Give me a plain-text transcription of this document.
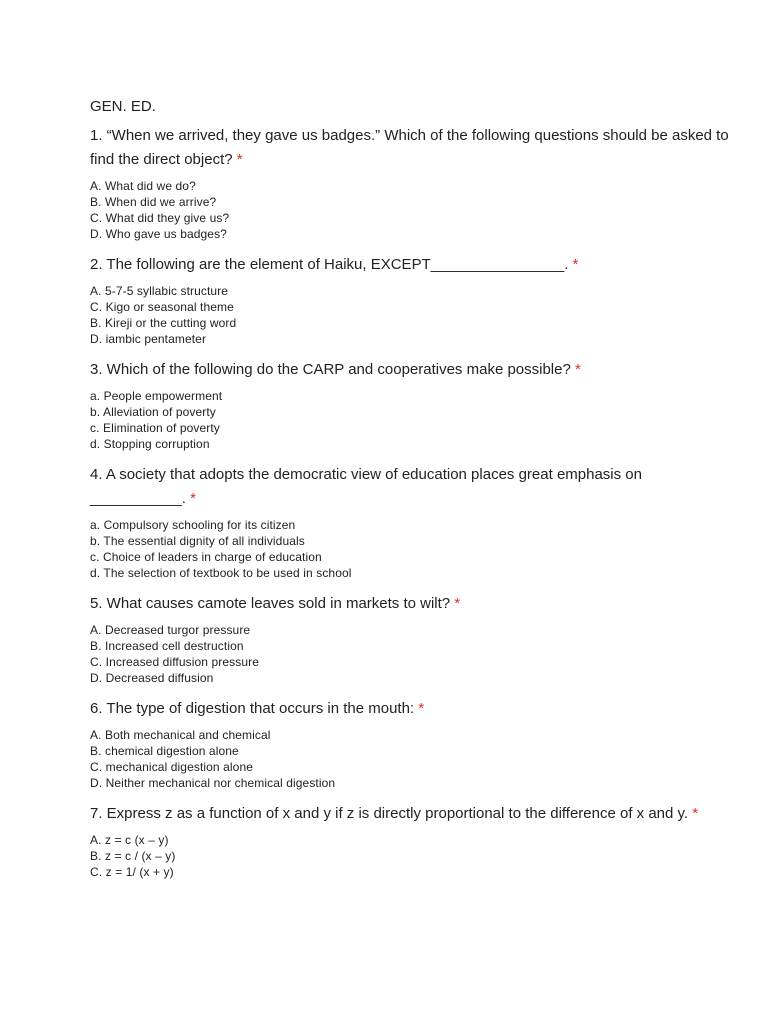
GEN. ED.

1. “When we arrived, they gave us badges.” Which of the following questions should be asked to find the direct object? *

A. What did we do?
B. When did we arrive?
C. What did they give us?
D. Who gave us badges?

2. The following are the element of Haiku, EXCEPT________________. *

A. 5-7-5 syllabic structure
C. Kigo or seasonal theme
B. Kireji or the cutting word
D. iambic pentameter

3. Which of the following do the CARP and cooperatives make possible? *

a. People empowerment
b. Alleviation of poverty
c. Elimination of poverty
d. Stopping corruption

4. A society that adopts the democratic view of education places great emphasis on ___________. *

a. Compulsory schooling for its citizen
b. The essential dignity of all individuals
c. Choice of leaders in charge of education
d. The selection of textbook to be used in school

5. What causes camote leaves sold in markets to wilt? *

A. Decreased turgor pressure
B. Increased cell destruction
C. Increased diffusion pressure
D. Decreased diffusion

6. The type of digestion that occurs in the mouth: *

A. Both mechanical and chemical
B. chemical digestion alone
C. mechanical digestion alone
D. Neither mechanical nor chemical digestion

7. Express z as a function of x and y if z is directly proportional to the difference of x and y. *

A. z = c (x – y)
B. z = c / (x – y)
C. z = 1/ (x + y)
